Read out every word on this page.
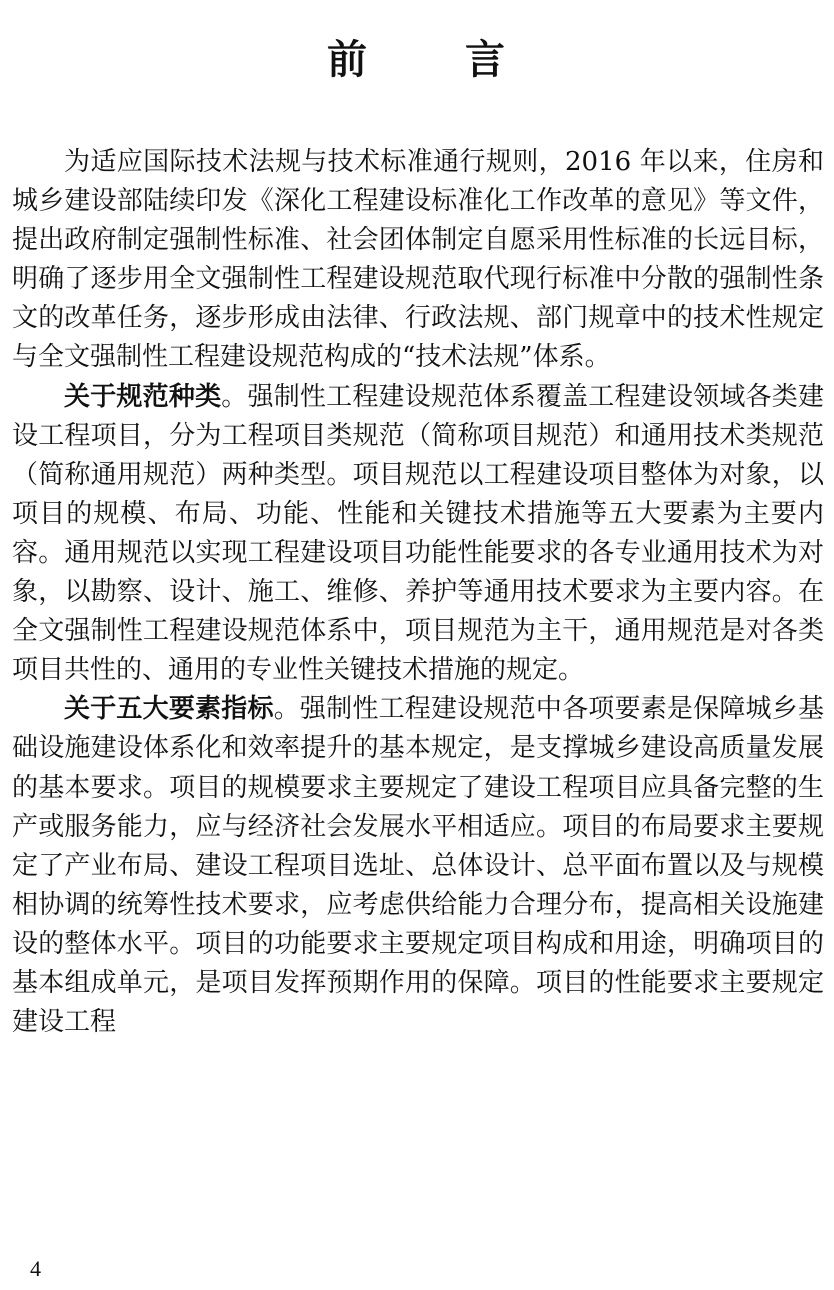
前 言

为适应国际技术法规与技术标准通行规则，2016 年以来，住房和城乡建设部陆续印发《深化工程建设标准化工作改革的意见》等文件，提出政府制定强制性标准、社会团体制定自愿采用性标准的长远目标，明确了逐步用全文强制性工程建设规范取代现行标准中分散的强制性条文的改革任务，逐步形成由法律、行政法规、部门规章中的技术性规定与全文强制性工程建设规范构成的“技术法规”体系。

关于规范种类。强制性工程建设规范体系覆盖工程建设领域各类建设工程项目，分为工程项目类规范（简称项目规范）和通用技术类规范（简称通用规范）两种类型。项目规范以工程建设项目整体为对象，以项目的规模、布局、功能、性能和关键技术措施等五大要素为主要内容。通用规范以实现工程建设项目功能性能要求的各专业通用技术为对象，以勘察、设计、施工、维修、养护等通用技术要求为主要内容。在全文强制性工程建设规范体系中，项目规范为主干，通用规范是对各类项目共性的、通用的专业性关键技术措施的规定。

关于五大要素指标。强制性工程建设规范中各项要素是保障城乡基础设施建设体系化和效率提升的基本规定，是支撑城乡建设高质量发展的基本要求。项目的规模要求主要规定了建设工程项目应具备完整的生产或服务能力，应与经济社会发展水平相适应。项目的布局要求主要规定了产业布局、建设工程项目选址、总体设计、总平面布置以及与规模相协调的统筹性技术要求，应考虑供给能力合理分布，提高相关设施建设的整体水平。项目的功能要求主要规定项目构成和用途，明确项目的基本组成单元，是项目发挥预期作用的保障。项目的性能要求主要规定建设工程

4
